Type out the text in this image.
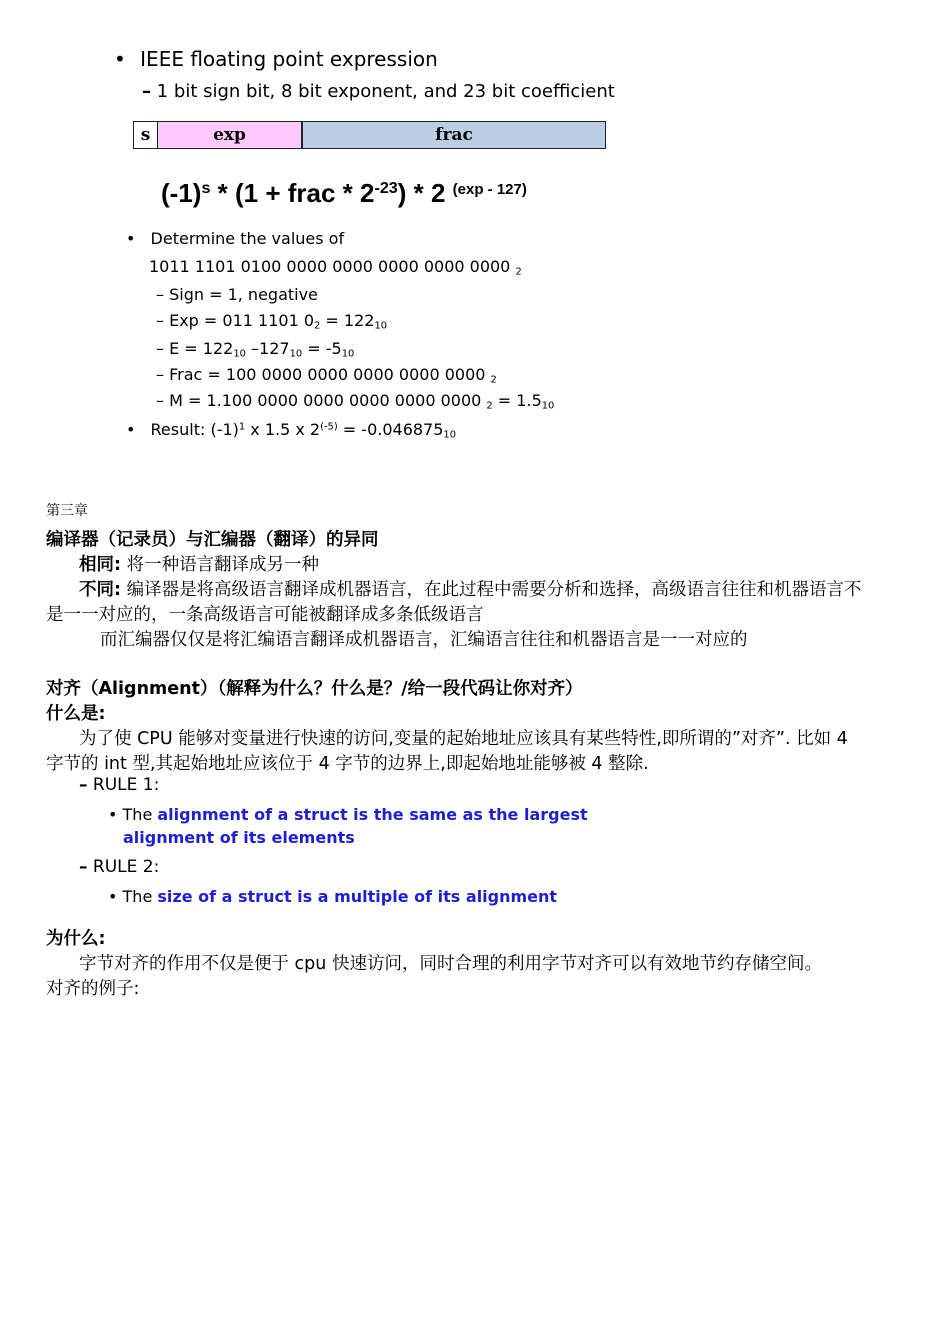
• IEEE floating point expression
– 1 bit sign bit, 8 bit exponent, and 23 bit coefficient
s	exp	frac
$(-1)^s * (1$ + frac * $2^{-23}) * 2$ $^{(exp - 127)}$
• Determine the values of
1011 1101 0100 0000 0000 0000 0000 0000 $_2$
– Sign = 1, negative
– Exp = 011 1101 $0_2 = 122_{10}$
– $E = 122_{10}$ $-127_{10} = -5_{10}$
– Frac = 100 0000 0000 0000 0000 0000 $_2$
– M = 1.100 0000 0000 0000 0000 0000 $_2 = 1.5_{10}$
• Result: $(-1)^1$ x 1.5 x $2^{(-5)} = -0.046875_{10}$
第三章
编译器（记录员）与汇编器（翻译）的异同
相同: 将一种语言翻译成另一种
不同: 编译器是将高级语言翻译成机器语言，在此过程中需要分析和选择，高级语言往往和机器语言不
是一一对应的，一条高级语言可能被翻译成多条低级语言
而汇编器仅仅是将汇编语言翻译成机器语言，汇编语言往往和机器语言是一一对应的
对齐（Alignment）（解释为什么？什么是？/给一段代码让你对齐）
什么是:
为了使 CPU 能够对变量进行快速的访问,变量的起始地址应该具有某些特性,即所谓的”对齐”. 比如 4
字节的 int 型,其起始地址应该位于 4 字节的边界上,即起始地址能够被 4 整除.
– RULE 1:
• The alignment of a struct is the same as the largest
alignment of its elements
– RULE 2:
• The size of a struct is a multiple of its alignment
为什么:
字节对齐的作用不仅是便于 cpu 快速访问，同时合理的利用字节对齐可以有效地节约存储空间。
对齐的例子:
